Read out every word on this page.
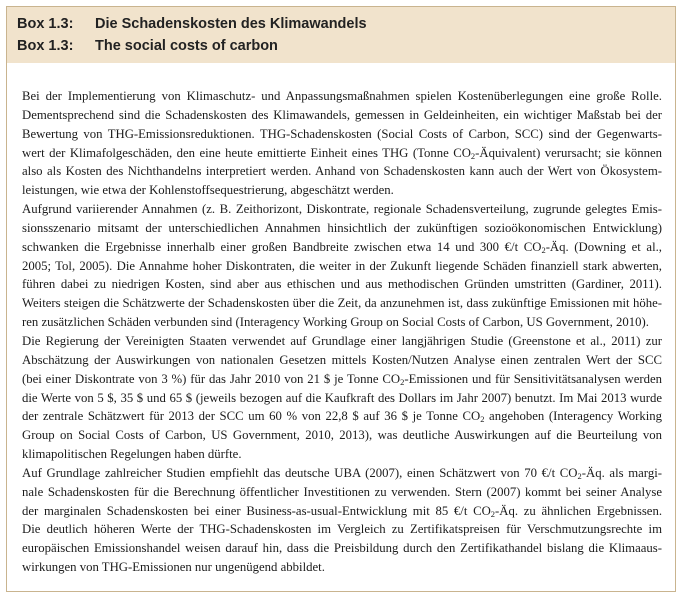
Box 1.3: Die Schadenskosten des Klimawandels
Box 1.3: The social costs of carbon
Bei der Implementierung von Klimaschutz- und Anpassungsmaßnahmen spielen Kostenüberlegungen eine große Rolle.
Dementsprechend sind die Schadenskosten des Klimawandels, gemessen in Geldeinheiten, ein wichtiger Maßstab bei der
Bewertung von THG-Emissionsreduktionen. THG-Schadenskosten (Social Costs of Carbon, SCC) sind der Gegenwarts-
wert der Klimafolgeschäden, den eine heute emittierte Einheit eines THG (Tonne $CO_2-Äquivalent$) verursacht; sie können
also als Kosten des Nichthandelns interpretiert werden. Anhand von Schadenskosten kann auch der Wert von Ökosystem-
leistungen, wie etwa der Kohlenstoffsequestrierung, abgeschätzt werden.
Aufgrund variierender Annahmen (z. B. Zeithorizont, Diskontrate, regionale Schadensverteilung, zugrunde gelegtes Emis-
sionsszenario mitsamt der unterschiedlichen Annahmen hinsichtlich der zukünftigen sozioökonomischen Entwicklung)
schwanken die Ergebnisse innerhalb einer großen Bandbreite zwischen etwa 14 und 300 €/t $CO_2-Äq$. (Downing et al.,
2005; Tol, 2005). Die Annahme hoher Diskontraten, die weiter in der Zukunft liegende Schäden finanziell stark abwerten,
führen dabei zu niedrigen Kosten, sind aber aus ethischen und aus methodischen Gründen umstritten (Gardiner, 2011).
Weiters steigen die Schätzwerte der Schadenskosten über die Zeit, da anzunehmen ist, dass zukünftige Emissionen mit höhe-
ren zusätzlichen Schäden verbunden sind (Interagency Working Group on Social Costs of Carbon, US Government, 2010).
Die Regierung der Vereinigten Staaten verwendet auf Grundlage einer langjährigen Studie (Greenstone et al., 2011) zur
Abschätzung der Auswirkungen von nationalen Gesetzen mittels Kosten/Nutzen Analyse einen zentralen Wert der SCC
(bei einer Diskontrate von 3 %) für das Jahr 2010 von 21 $ je Tonne $CO_2$-Emissionen und für Sensitivitätsanalysen werden
die Werte von 5 $, 35 $ und 65 $ (jeweils bezogen auf die Kaufkraft des Dollars im Jahr 2007) benutzt. Im Mai 2013 wurde
der zentrale Schätzwert für 2013 der SCC um 60 % von 22,8 $ auf 36 $ je Tonne $CO_2$ angehoben (Interagency Working
Group on Social Costs of Carbon, US Government, 2010, 2013), was deutliche Auswirkungen auf die Beurteilung von
klimapolitischen Regelungen haben dürfte.
Auf Grundlage zahlreicher Studien empfiehlt das deutsche UBA (2007), einen Schätzwert von 70 €/t $CO_2-Äq$. als margi-
nale Schadenskosten für die Berechnung öffentlicher Investitionen zu verwenden. Stern (2007) kommt bei seiner Analyse
der marginalen Schadenskosten bei einer Business-as-usual-Entwicklung mit 85 €/t $CO_2-Äq$. zu ähnlichen Ergebnissen.
Die deutlich höheren Werte der THG-Schadenskosten im Vergleich zu Zertifikatspreisen für Verschmutzungsrechte im
europäischen Emissionshandel weisen darauf hin, dass die Preisbildung durch den Zertifikathandel bislang die Klimaaus-
wirkungen von THG-Emissionen nur ungenügend abbildet.
